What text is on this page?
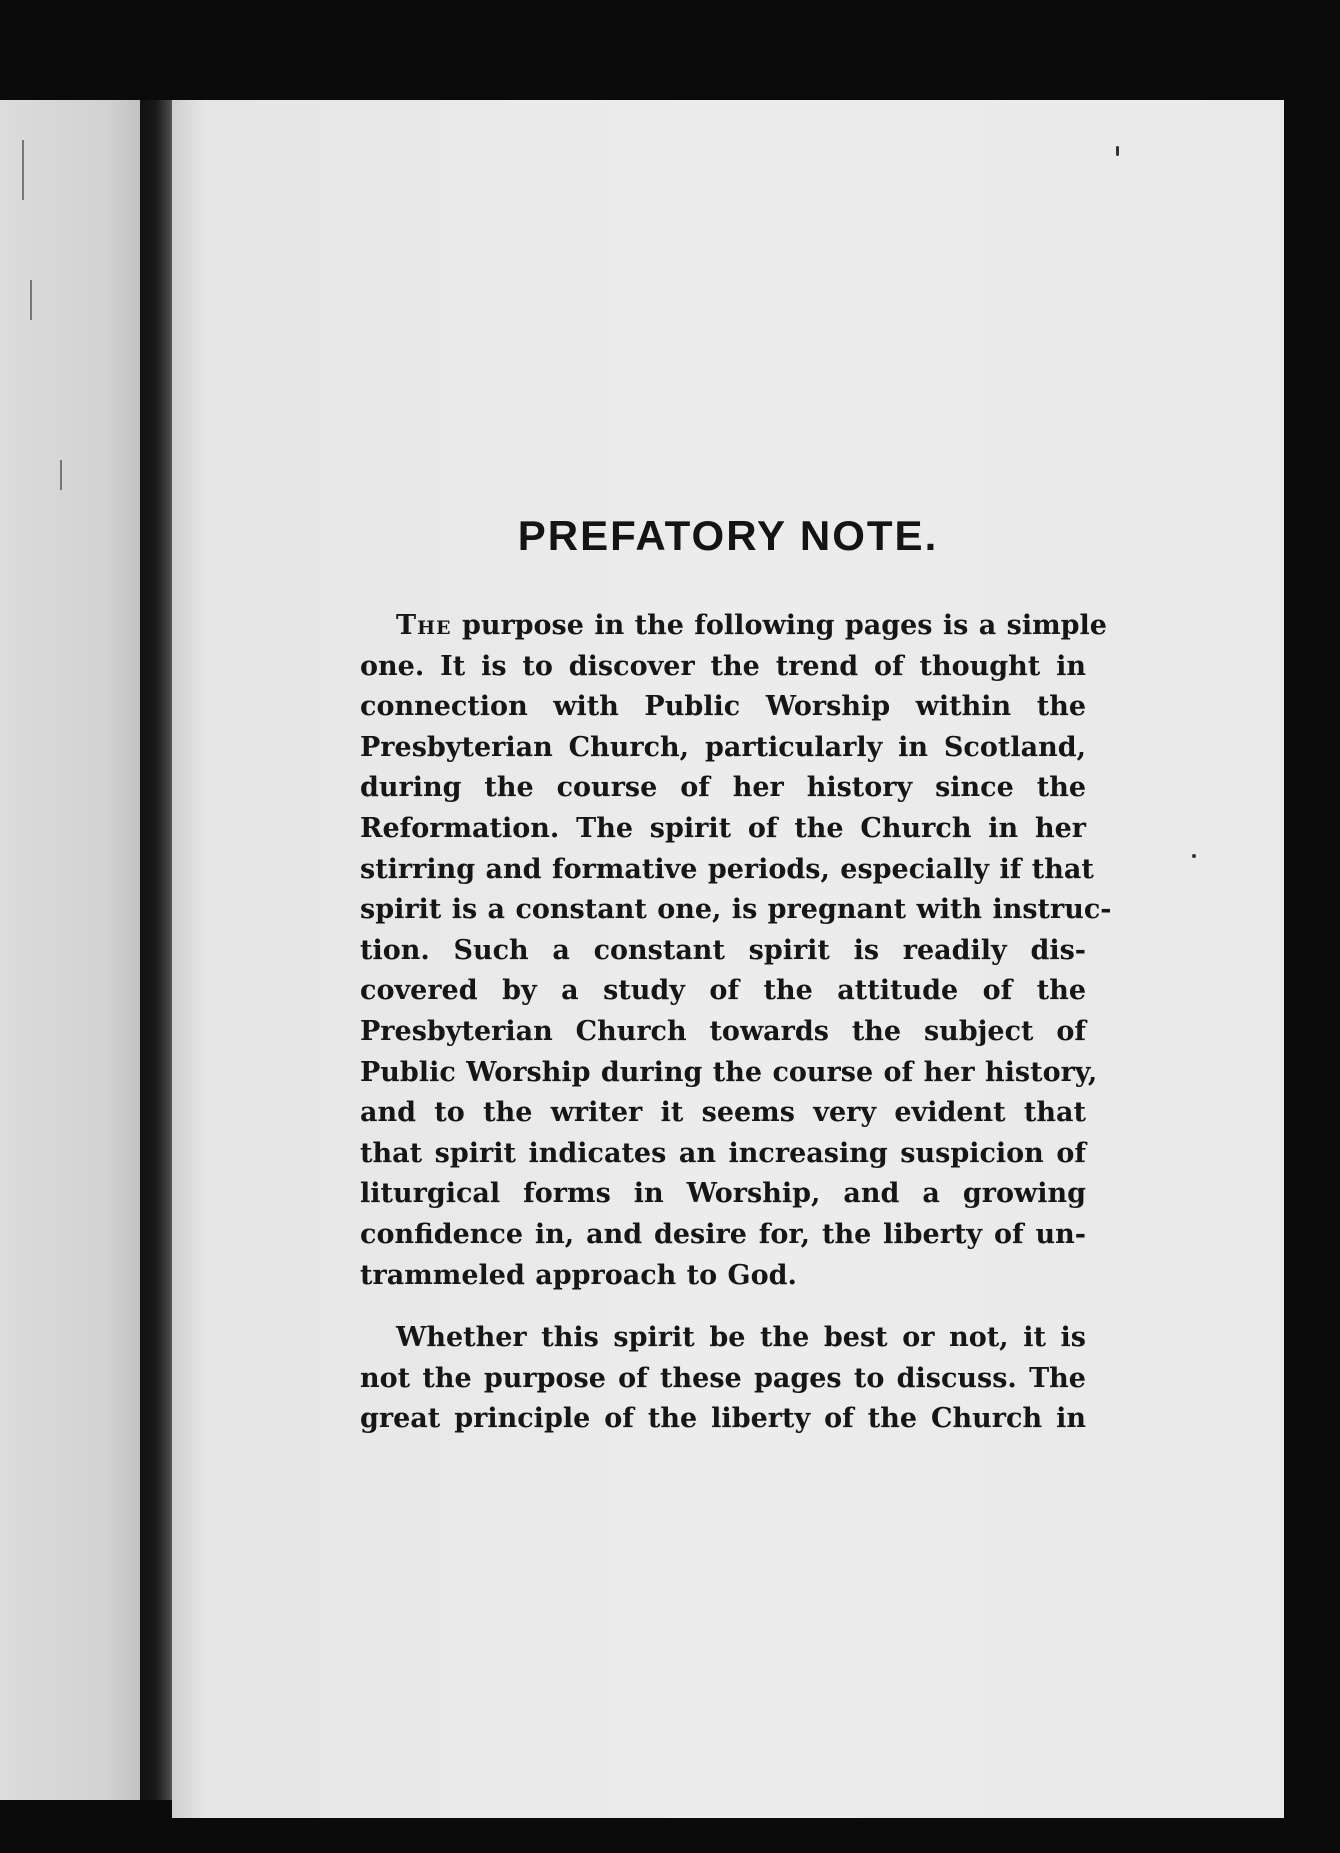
PREFATORY NOTE.
The purpose in the following pages is a simple
one. It is to discover the trend of thought in
connection with Public Worship within the
Presbyterian Church, particularly in Scotland,
during the course of her history since the
Reformation. The spirit of the Church in her
stirring and formative periods, especially if that
spirit is a constant one, is pregnant with instruc-
tion. Such a constant spirit is readily dis-
covered by a study of the attitude of the
Presbyterian Church towards the subject of
Public Worship during the course of her history,
and to the writer it seems very evident that
that spirit indicates an increasing suspicion of
liturgical forms in Worship, and a growing
confidence in, and desire for, the liberty of un-
trammeled approach to God.
Whether this spirit be the best or not, it is
not the purpose of these pages to discuss. The
great principle of the liberty of the Church in
